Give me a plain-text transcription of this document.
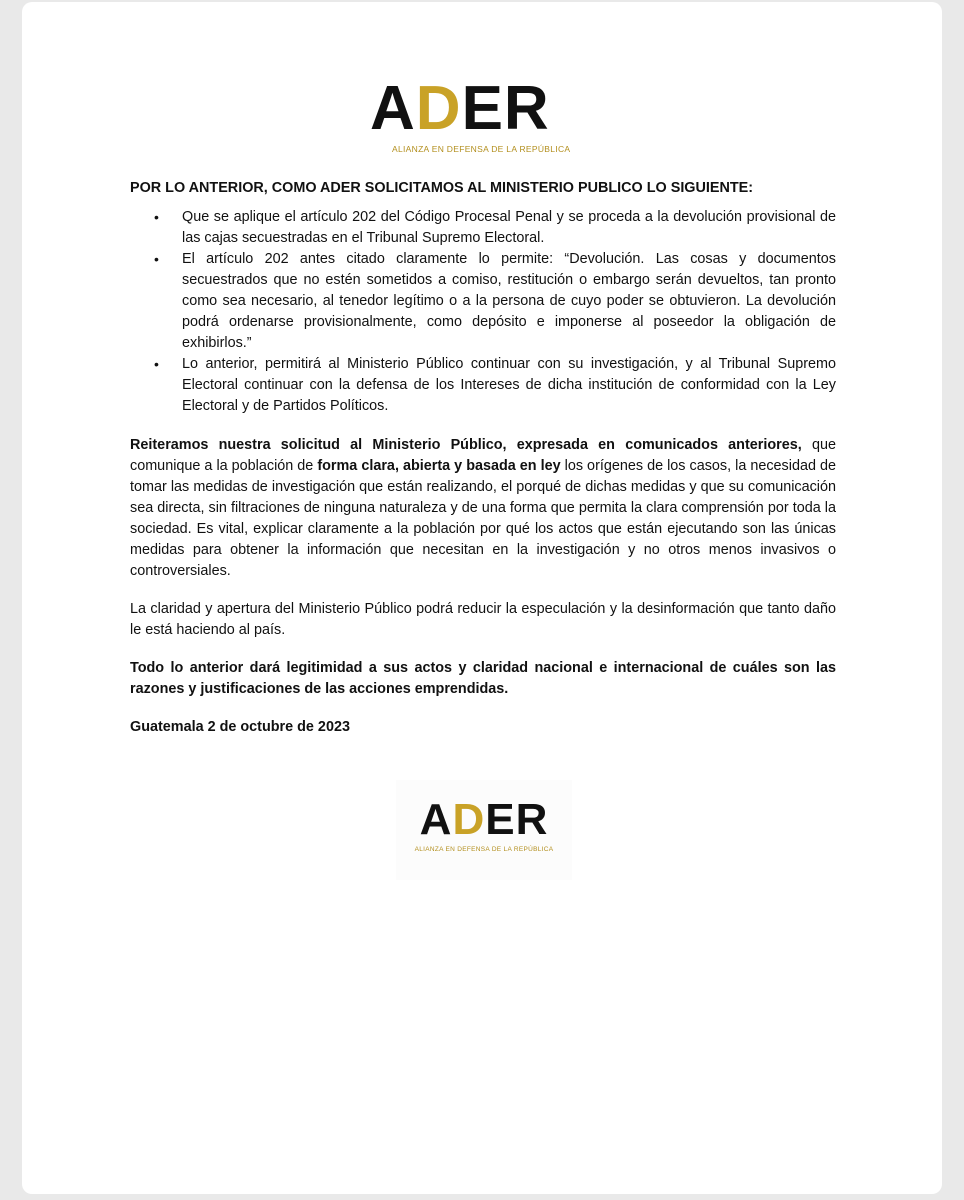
A D ER
ALIANZA EN DEFENSA DE LA REPÚBLICA

POR LO ANTERIOR, COMO ADER SOLICITAMOS AL MINISTERIO PUBLICO LO SIGUIENTE:

• Que se aplique el artículo 202 del Código Procesal Penal y se proceda a la devolución provisional de las cajas secuestradas en el Tribunal Supremo Electoral.
• El artículo 202 antes citado claramente lo permite: “Devolución. Las cosas y documentos secuestrados que no estén sometidos a comiso, restitución o embargo serán devueltos, tan pronto como sea necesario, al tenedor legítimo o a la persona de cuyo poder se obtuvieron. La devolución podrá ordenarse provisionalmente, como depósito e imponerse al poseedor la obligación de exhibirlos.”
• Lo anterior, permitirá al Ministerio Público continuar con su investigación, y al Tribunal Supremo Electoral continuar con la defensa de los Intereses de dicha institución de conformidad con la Ley Electoral y de Partidos Políticos.

Reiteramos nuestra solicitud al Ministerio Público, expresada en comunicados anteriores, que comunique a la población de forma clara, abierta y basada en ley los orígenes de los casos, la necesidad de tomar las medidas de investigación que están realizando, el porqué de dichas medidas y que su comunicación sea directa, sin filtraciones de ninguna naturaleza y de una forma que permita la clara comprensión por toda la sociedad. Es vital, explicar claramente a la población por qué los actos que están ejecutando son las únicas medidas para obtener la información que necesitan en la investigación y no otros menos invasivos o controversiales.

La claridad y apertura del Ministerio Público podrá reducir la especulación y la desinformación que tanto daño le está haciendo al país.

Todo lo anterior dará legitimidad a sus actos y claridad nacional e internacional de cuáles son las razones y justificaciones de las acciones emprendidas.

Guatemala 2 de octubre de 2023

A D ER
ALIANZA EN DEFENSA DE LA REPÚBLICA
